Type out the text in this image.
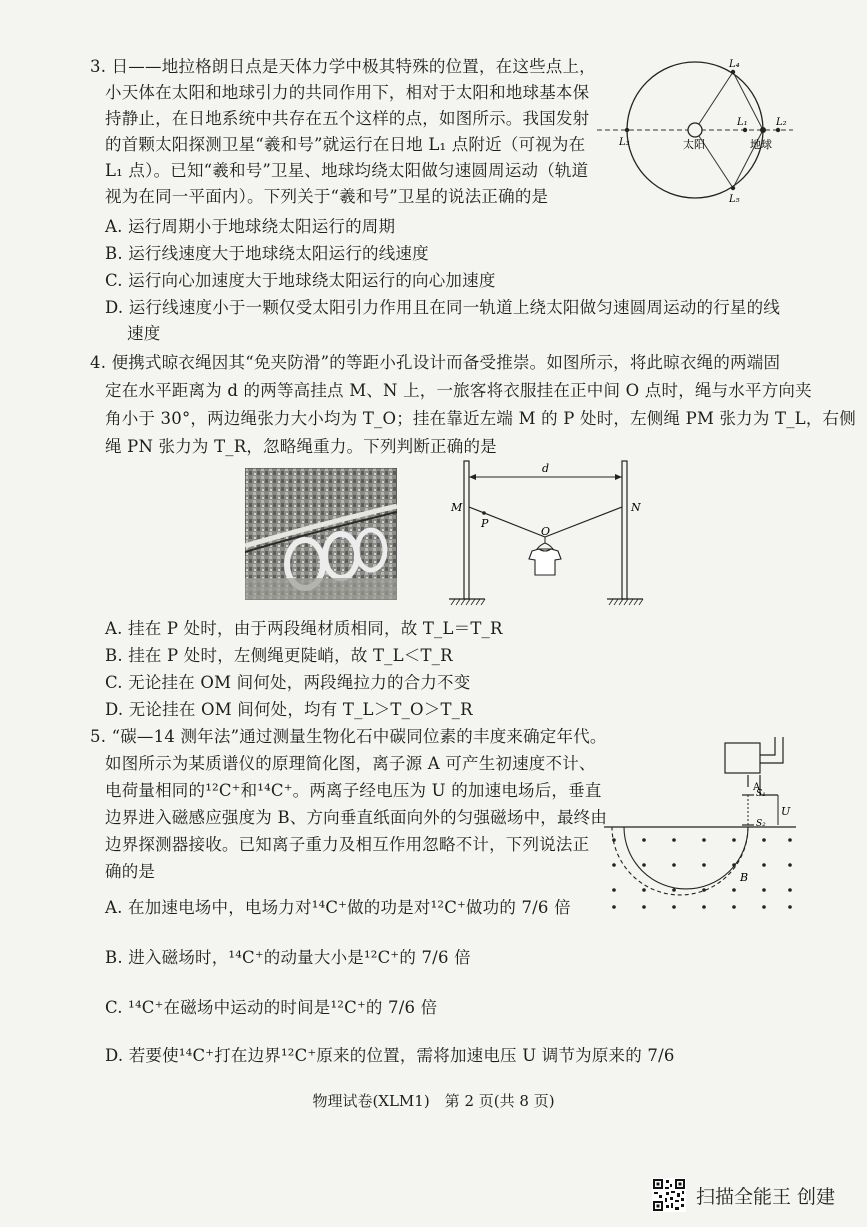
3. 日——地拉格朗日点是天体力学中极其特殊的位置，在这些点上，
小天体在太阳和地球引力的共同作用下，相对于太阳和地球基本保
持静止，在日地系统中共存在五个这样的点，如图所示。我国发射
的首颗太阳探测卫星“羲和号”就运行在日地 L₁ 点附近（可视为在
L₁ 点）。已知“羲和号”卫星、地球均绕太阳做匀速圆周运动（轨道
视为在同一平面内）。下列关于“羲和号”卫星的说法正确的是
A. 运行周期小于地球绕太阳运行的周期
B. 运行线速度大于地球绕太阳运行的线速度
C. 运行向心加速度大于地球绕太阳运行的向心加速度
D. 运行线速度小于一颗仅受太阳引力作用且在同一轨道上绕太阳做匀速圆周运动的行星的线
速度
太阳	地球
L₁	L₂
L₃
L₄
L₅
4. 便携式晾衣绳因其“免夹防滑”的等距小孔设计而备受推崇。如图所示，将此晾衣绳的两端固
定在水平距离为 d 的两等高挂点 M、N 上，一旅客将衣服挂在正中间 O 点时，绳与水平方向夹
角小于 30°，两边绳张力大小均为 T_O；挂在靠近左端 M 的 P 处时，左侧绳 PM 张力为 T_L，右侧
绳 PN 张力为 T_R，忽略绳重力。下列判断正确的是
d
M	N
P
O
A. 挂在 P 处时，由于两段绳材质相同，故 T_L＝T_R
B. 挂在 P 处时，左侧绳更陡峭，故 T_L＜T_R
C. 无论挂在 OM 间何处，两段绳拉力的合力不变
D. 无论挂在 OM 间何处，均有 T_L＞T_O＞T_R
5. “碳—14 测年法”通过测量生物化石中碳同位素的丰度来确定年代。
如图所示为某质谱仪的原理简化图，离子源 A 可产生初速度不计、
电荷量相同的¹²C⁺和¹⁴C⁺。两离子经电压为 U 的加速电场后，垂直
边界进入磁感应强度为 B、方向垂直纸面向外的匀强磁场中，最终由
边界探测器接收。已知离子重力及相互作用忽略不计，下列说法正
确的是
A. 在加速电场中，电场力对¹⁴C⁺做的功是对¹²C⁺做功的 7/6 倍
B. 进入磁场时，¹⁴C⁺的动量大小是¹²C⁺的 7/6 倍
C. ¹⁴C⁺在磁场中运动的时间是¹²C⁺的 7/6 倍
D. 若要使¹⁴C⁺打在边界¹²C⁺原来的位置，需将加速电压 U 调节为原来的 7/6
A
S₁
S₂
U
B
物理试卷(XLM1)　第 2 页(共 8 页)
扫描全能王 创建
